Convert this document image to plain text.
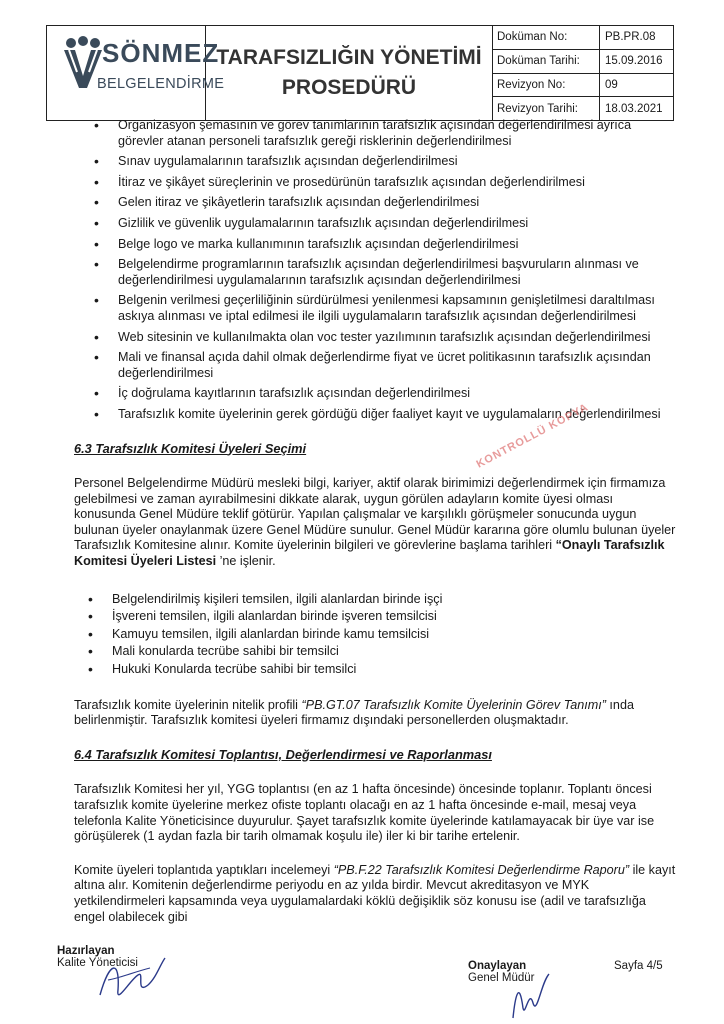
SÖNMEZ
BELGELENDİRME
TARAFSIZLIĞIN YÖNETİMİ
PROSEDÜRÜ
Doküman No:	PB.PR.08
Doküman Tarihi:	15.09.2016
Revizyon No:	09
Revizyon Tarihi:	18.03.2021
• Organizasyon şemasının ve görev tanımlarının tarafsızlık açısından değerlendirilmesi ayrıca görevler atanan personeli tarafsızlık gereği risklerinin değerlendirilmesi
• Sınav uygulamalarının tarafsızlık açısından değerlendirilmesi
• İtiraz ve şikâyet süreçlerinin ve prosedürünün tarafsızlık açısından değerlendirilmesi
• Gelen itiraz ve şikâyetlerin tarafsızlık açısından değerlendirilmesi
• Gizlilik ve güvenlik uygulamalarının tarafsızlık açısından değerlendirilmesi
• Belge logo ve marka kullanımının tarafsızlık açısından değerlendirilmesi
• Belgelendirme programlarının tarafsızlık açısından değerlendirilmesi başvuruların alınması ve değerlendirilmesi uygulamalarının tarafsızlık açısından değerlendirilmesi
• Belgenin verilmesi geçerliliğinin sürdürülmesi yenilenmesi kapsamının genişletilmesi daraltılması askıya alınması ve iptal edilmesi ile ilgili uygulamaların tarafsızlık açısından değerlendirilmesi
• Web sitesinin ve kullanılmakta olan voc tester yazılımının tarafsızlık açısından değerlendirilmesi
• Mali ve finansal açıda dahil olmak değerlendirme fiyat ve ücret politikasının tarafsızlık açısından değerlendirilmesi
• İç doğrulama kayıtlarının tarafsızlık açısından değerlendirilmesi
• Tarafsızlık komite üyelerinin gerek gördüğü diğer faaliyet kayıt ve uygulamaların değerlendirilmesi
6.3 Tarafsızlık Komitesi Üyeleri Seçimi

Personel Belgelendirme Müdürü mesleki bilgi, kariyer, aktif olarak birimimizi değerlendirmek için firmamıza gelebilmesi ve zaman ayırabilmesini dikkate alarak, uygun görülen adayların komite üyesi olması konusunda Genel Müdüre teklif götürür. Yapılan çalışmalar ve karşılıklı görüşmeler sonucunda uygun bulunan üyeler onaylanmak üzere Genel Müdüre sunulur. Genel Müdür kararına göre olumlu bulunan üyeler Tarafsızlık Komitesine alınır. Komite üyelerinin bilgileri ve görevlerine başlama tarihleri “Onaylı Tarafsızlık Komitesi Üyeleri Listesi ’ne işlenir.

• Belgelendirilmiş kişileri temsilen, ilgili alanlardan birinde işçi
• İşvereni temsilen, ilgili alanlardan birinde işveren temsilcisi
• Kamuyu temsilen, ilgili alanlardan birinde kamu temsilcisi
• Mali konularda tecrübe sahibi bir temsilci
• Hukuki Konularda tecrübe sahibi bir temsilci

Tarafsızlık komite üyelerinin nitelik profili “PB.GT.07 Tarafsızlık Komite Üyelerinin Görev Tanımı” ında belirlenmiştir. Tarafsızlık komitesi üyeleri firmamız dışındaki personellerden oluşmaktadır.

6.4 Tarafsızlık Komitesi Toplantısı, Değerlendirmesi ve Raporlanması

Tarafsızlık Komitesi her yıl, YGG toplantısı (en az 1 hafta öncesinde) öncesinde toplanır. Toplantı öncesi tarafsızlık komite üyelerine merkez ofiste toplantı olacağı en az 1 hafta öncesinde e-mail, mesaj veya telefonla Kalite Yöneticisince duyurulur. Şayet tarafsızlık komite üyelerinde katılamayacak bir üye var ise görüşülerek (1 aydan fazla bir tarih olmamak koşulu ile) iler ki bir tarihe ertelenir.

Komite üyeleri toplantıda yaptıkları incelemeyi “PB.F.22 Tarafsızlık Komitesi Değerlendirme Raporu” ile kayıt altına alır. Komitenin değerlendirme periyodu en az yılda birdir. Mevcut akreditasyon ve MYK yetkilendirmeleri kapsamında veya uygulamalardaki köklü değişiklik söz konusu ise (adil ve tarafsızlığa engel olabilecek gibi

KONTROLLÜ KOPYA
Hazırlayan
Kalite Yöneticisi	Onaylayan
Genel Müdür
Sayfa 4/5
